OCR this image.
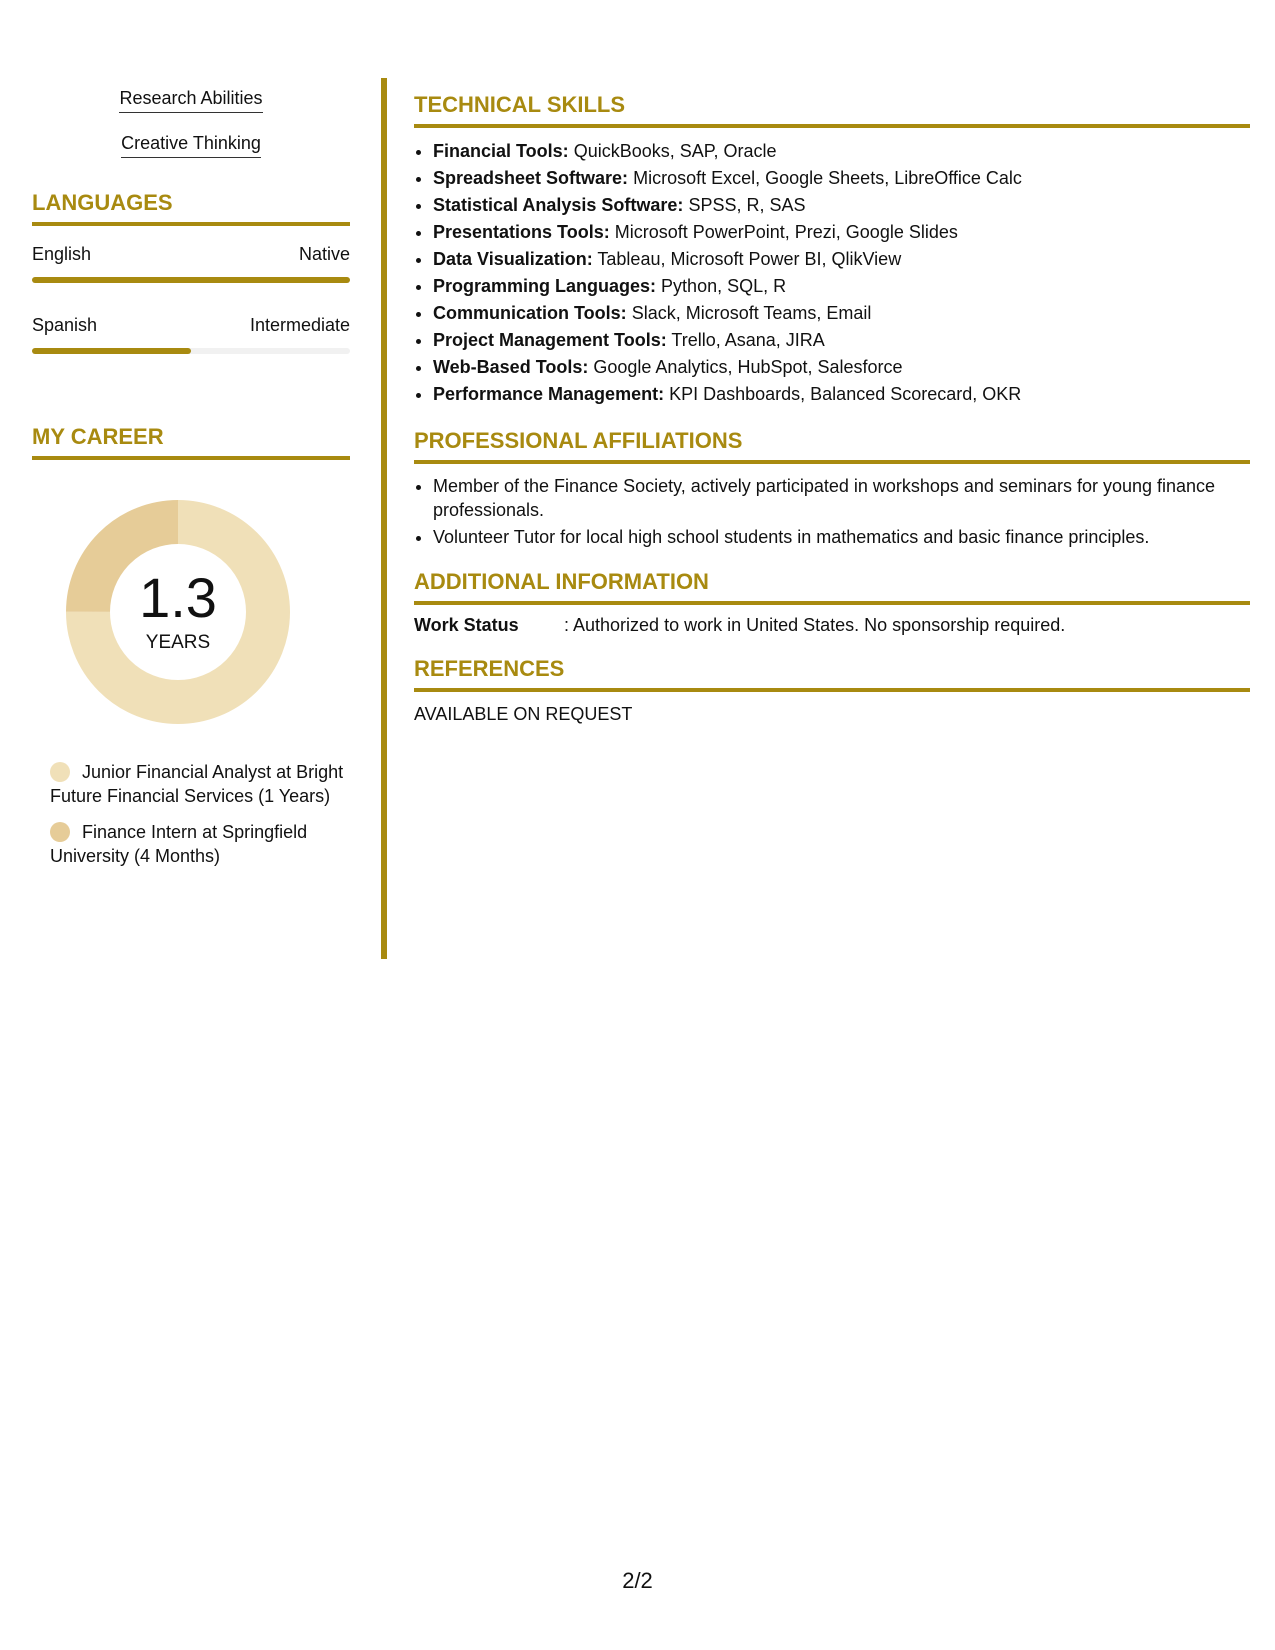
Research Abilities
Creative Thinking
LANGUAGES
English	Native
Spanish	Intermediate
MY CAREER
1.3
YEARS
Junior Financial Analyst at Bright Future Financial Services (1 Years)
Finance Intern at Springfield University (4 Months)
TECHNICAL SKILLS
• Financial Tools: QuickBooks, SAP, Oracle
• Spreadsheet Software: Microsoft Excel, Google Sheets, LibreOffice Calc
• Statistical Analysis Software: SPSS, R, SAS
• Presentations Tools: Microsoft PowerPoint, Prezi, Google Slides
• Data Visualization: Tableau, Microsoft Power BI, QlikView
• Programming Languages: Python, SQL, R
• Communication Tools: Slack, Microsoft Teams, Email
• Project Management Tools: Trello, Asana, JIRA
• Web-Based Tools: Google Analytics, HubSpot, Salesforce
• Performance Management: KPI Dashboards, Balanced Scorecard, OKR
PROFESSIONAL AFFILIATIONS
• Member of the Finance Society, actively participated in workshops and seminars for young finance professionals.
• Volunteer Tutor for local high school students in mathematics and basic finance principles.
ADDITIONAL INFORMATION
Work Status	: Authorized to work in United States. No sponsorship required.
REFERENCES
AVAILABLE ON REQUEST
2/2
